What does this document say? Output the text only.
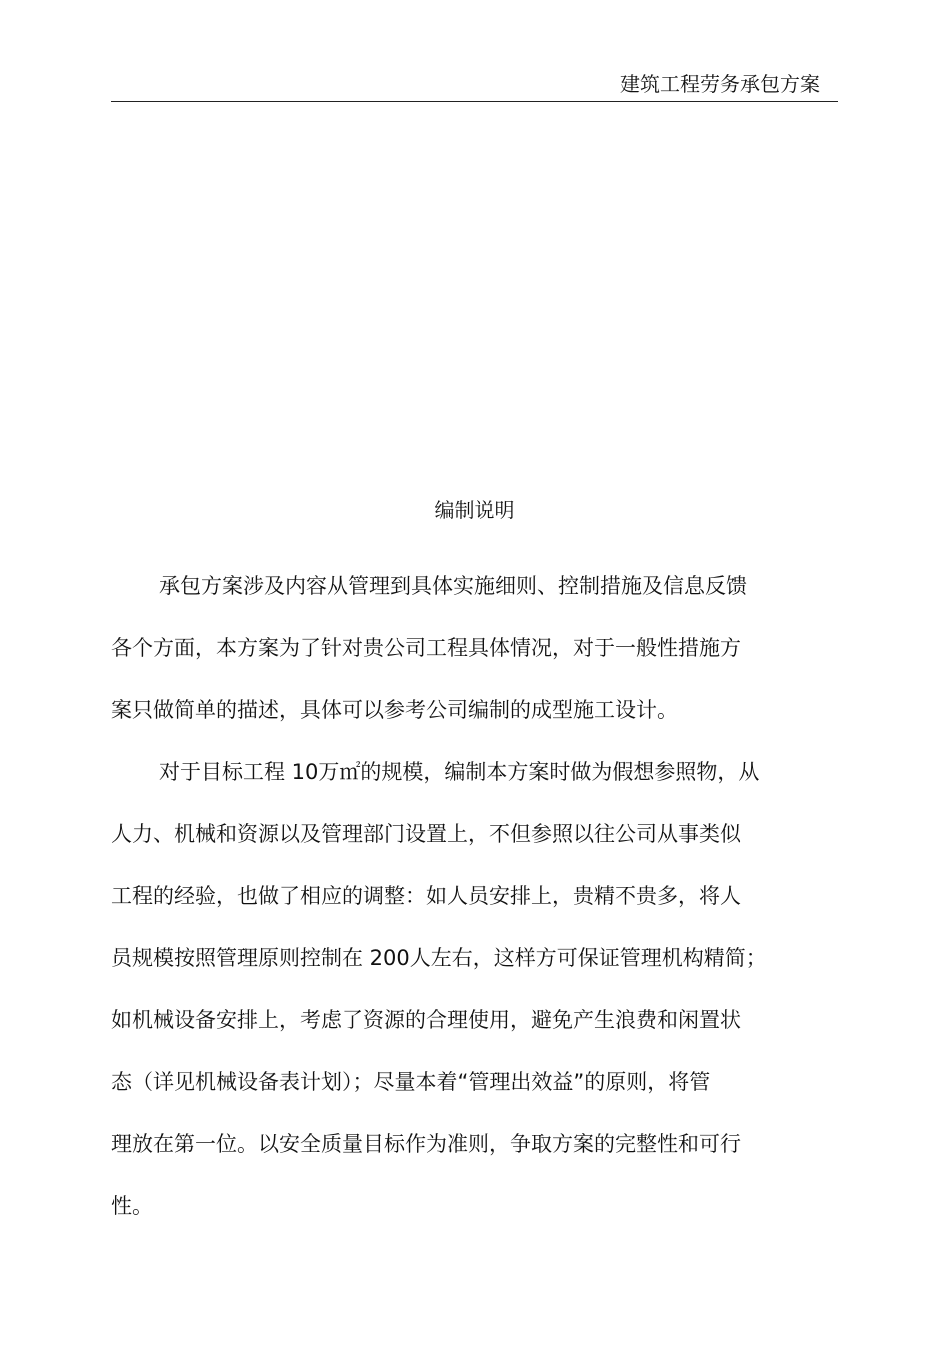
建筑工程劳务承包方案
编制说明
承包方案涉及内容从管理到具体实施细则、控制措施及信息反馈
各个方面，本方案为了针对贵公司工程具体情况，对于一般性措施方
案只做简单的描述，具体可以参考公司编制的成型施工设计。
对于目标工程 10万㎡的规模，编制本方案时做为假想参照物，从
人力、机械和资源以及管理部门设置上，不但参照以往公司从事类似
工程的经验，也做了相应的调整：如人员安排上，贵精不贵多，将人
员规模按照管理原则控制在 200人左右，这样方可保证管理机构精简；
如机械设备安排上，考虑了资源的合理使用，避免产生浪费和闲置状
态（详见机械设备表计划）；尽量本着“管理出效益”的原则，将管
理放在第一位。以安全质量目标作为准则，争取方案的完整性和可行
性。
